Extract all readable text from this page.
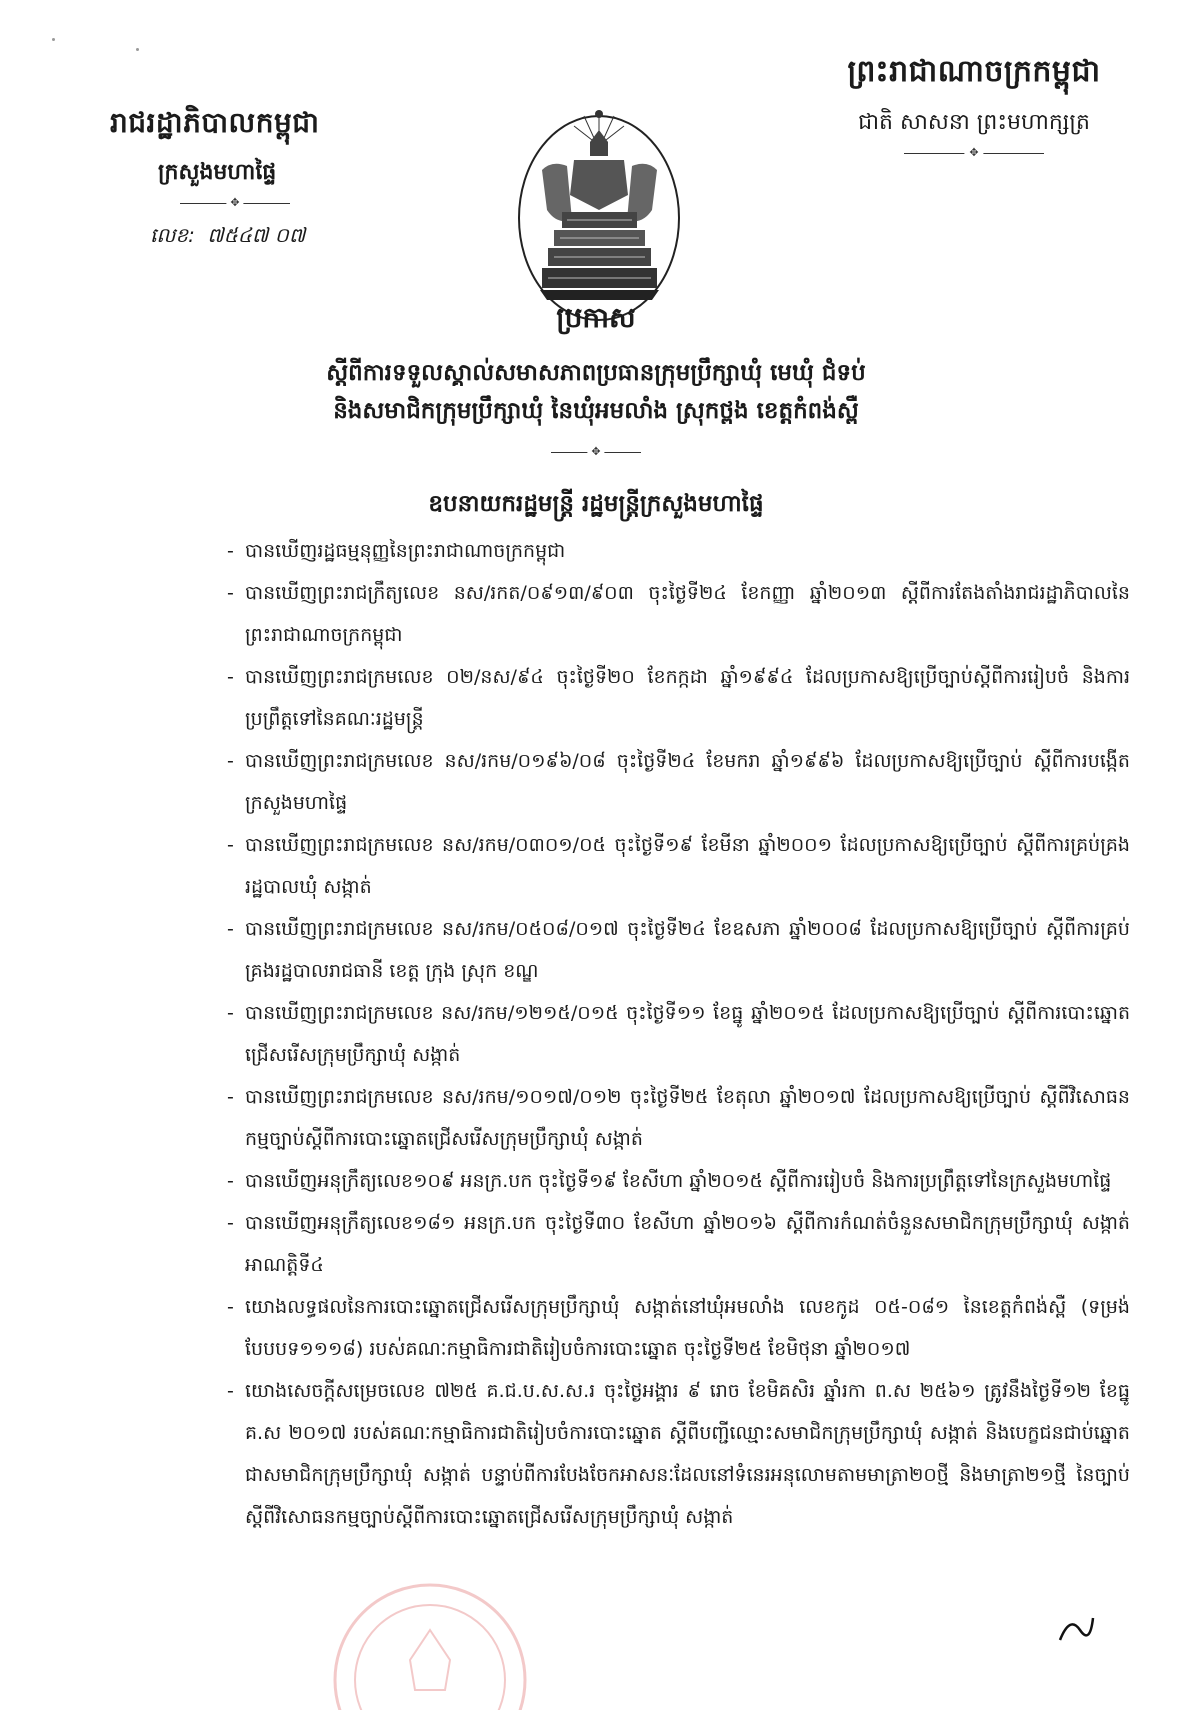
ព្រះរាជាណាចក្រកម្ពុជា
ជាតិ សាសនា ព្រះមហាក្សត្រ
✥
រាជរដ្ឋាភិបាលកម្ពុជា
ក្រសួងមហាផ្ទៃ
✥
លេខ: ៧៥៤៧ ០៧
ប្រកាស
ស្តីពីការទទួលស្គាល់សមាសភាពប្រធានក្រុមប្រឹក្សាឃុំ មេឃុំ ជំទប់
និងសមាជិកក្រុមប្រឹក្សាឃុំ នៃឃុំអមលាំង ស្រុកថ្ពង ខេត្តកំពង់ស្ពឺ
✥
ឧបនាយករដ្ឋមន្ត្រី រដ្ឋមន្ត្រីក្រសួងមហាផ្ទៃ
- បានឃើញរដ្ឋធម្មនុញ្ញនៃព្រះរាជាណាចក្រកម្ពុជា
- បានឃើញព្រះរាជក្រឹត្យលេខ នស/រកត/០៩១៣/៩០៣ ចុះថ្ងៃទី២៤ ខែកញ្ញា ឆ្នាំ២០១៣ ស្តីពីការតែងតាំងរាជរដ្ឋាភិបាលនៃព្រះរាជាណាចក្រកម្ពុជា
- បានឃើញព្រះរាជក្រមលេខ ០២/នស/៩៤ ចុះថ្ងៃទី២០ ខែកក្កដា ឆ្នាំ១៩៩៤ ដែលប្រកាសឱ្យប្រើច្បាប់ស្តីពីការរៀបចំ និងការប្រព្រឹត្តទៅនៃគណៈរដ្ឋមន្ត្រី
- បានឃើញព្រះរាជក្រមលេខ នស/រកម/០១៩៦/០៨ ចុះថ្ងៃទី២៤ ខែមករា ឆ្នាំ១៩៩៦ ដែលប្រកាសឱ្យប្រើច្បាប់ ស្តីពីការបង្កើតក្រសួងមហាផ្ទៃ
- បានឃើញព្រះរាជក្រមលេខ នស/រកម/០៣០១/០៥ ចុះថ្ងៃទី១៩ ខែមីនា ឆ្នាំ២០០១ ដែលប្រកាសឱ្យប្រើច្បាប់ ស្តីពីការគ្រប់គ្រងរដ្ឋបាលឃុំ សង្កាត់
- បានឃើញព្រះរាជក្រមលេខ នស/រកម/០៥០៨/០១៧ ចុះថ្ងៃទី២៤ ខែឧសភា ឆ្នាំ២០០៨ ដែលប្រកាសឱ្យប្រើច្បាប់ ស្តីពីការគ្រប់គ្រងរដ្ឋបាលរាជធានី ខេត្ត ក្រុង ស្រុក ខណ្ឌ
- បានឃើញព្រះរាជក្រមលេខ នស/រកម/១២១៥/០១៥ ចុះថ្ងៃទី១១ ខែធ្នូ ឆ្នាំ២០១៥ ដែលប្រកាសឱ្យប្រើច្បាប់ ស្តីពីការបោះឆ្នោតជ្រើសរើសក្រុមប្រឹក្សាឃុំ សង្កាត់
- បានឃើញព្រះរាជក្រមលេខ នស/រកម/១០១៧/០១២ ចុះថ្ងៃទី២៥ ខែតុលា ឆ្នាំ២០១៧ ដែលប្រកាសឱ្យប្រើច្បាប់ ស្តីពីវិសោធនកម្មច្បាប់ស្តីពីការបោះឆ្នោតជ្រើសរើសក្រុមប្រឹក្សាឃុំ សង្កាត់
- បានឃើញអនុក្រឹត្យលេខ១០៩ អនក្រ.បក ចុះថ្ងៃទី១៩ ខែសីហា ឆ្នាំ២០១៥ ស្តីពីការរៀបចំ និងការប្រព្រឹត្តទៅនៃក្រសួងមហាផ្ទៃ
- បានឃើញអនុក្រឹត្យលេខ១៨១ អនក្រ.បក ចុះថ្ងៃទី៣០ ខែសីហា ឆ្នាំ២០១៦ ស្តីពីការកំណត់ចំនួនសមាជិកក្រុមប្រឹក្សាឃុំ សង្កាត់អាណត្តិទី៤
- យោងលទ្ធផលនៃការបោះឆ្នោតជ្រើសរើសក្រុមប្រឹក្សាឃុំ សង្កាត់នៅឃុំអមលាំង លេខកូដ ០៥-០៨១ នៃខេត្តកំពង់ស្ពឺ (ទម្រង់បែបបទ១១១៨) របស់គណៈកម្មាធិការជាតិរៀបចំការបោះឆ្នោត ចុះថ្ងៃទី២៥ ខែមិថុនា ឆ្នាំ២០១៧
- យោងសេចក្តីសម្រេចលេខ ៧២៥ គ.ជ.ប.ស.ស.រ ចុះថ្ងៃអង្គារ ៩ រោច ខែមិគសិរ ឆ្នាំរកា ព.ស ២៥៦១ ត្រូវនឹងថ្ងៃទី១២ ខែធ្នូ គ.ស ២០១៧ របស់គណៈកម្មាធិការជាតិរៀបចំការបោះឆ្នោត ស្តីពីបញ្ជីឈ្មោះសមាជិកក្រុមប្រឹក្សាឃុំ សង្កាត់ និងបេក្ខជនជាប់ឆ្នោតជាសមាជិកក្រុមប្រឹក្សាឃុំ សង្កាត់ បន្ទាប់ពីការបែងចែកអាសនៈដែលនៅទំនេរអនុលោមតាមមាត្រា២០ថ្មី និងមាត្រា២១ថ្មី នៃច្បាប់ ស្តីពីវិសោធនកម្មច្បាប់ស្តីពីការបោះឆ្នោតជ្រើសរើសក្រុមប្រឹក្សាឃុំ សង្កាត់
